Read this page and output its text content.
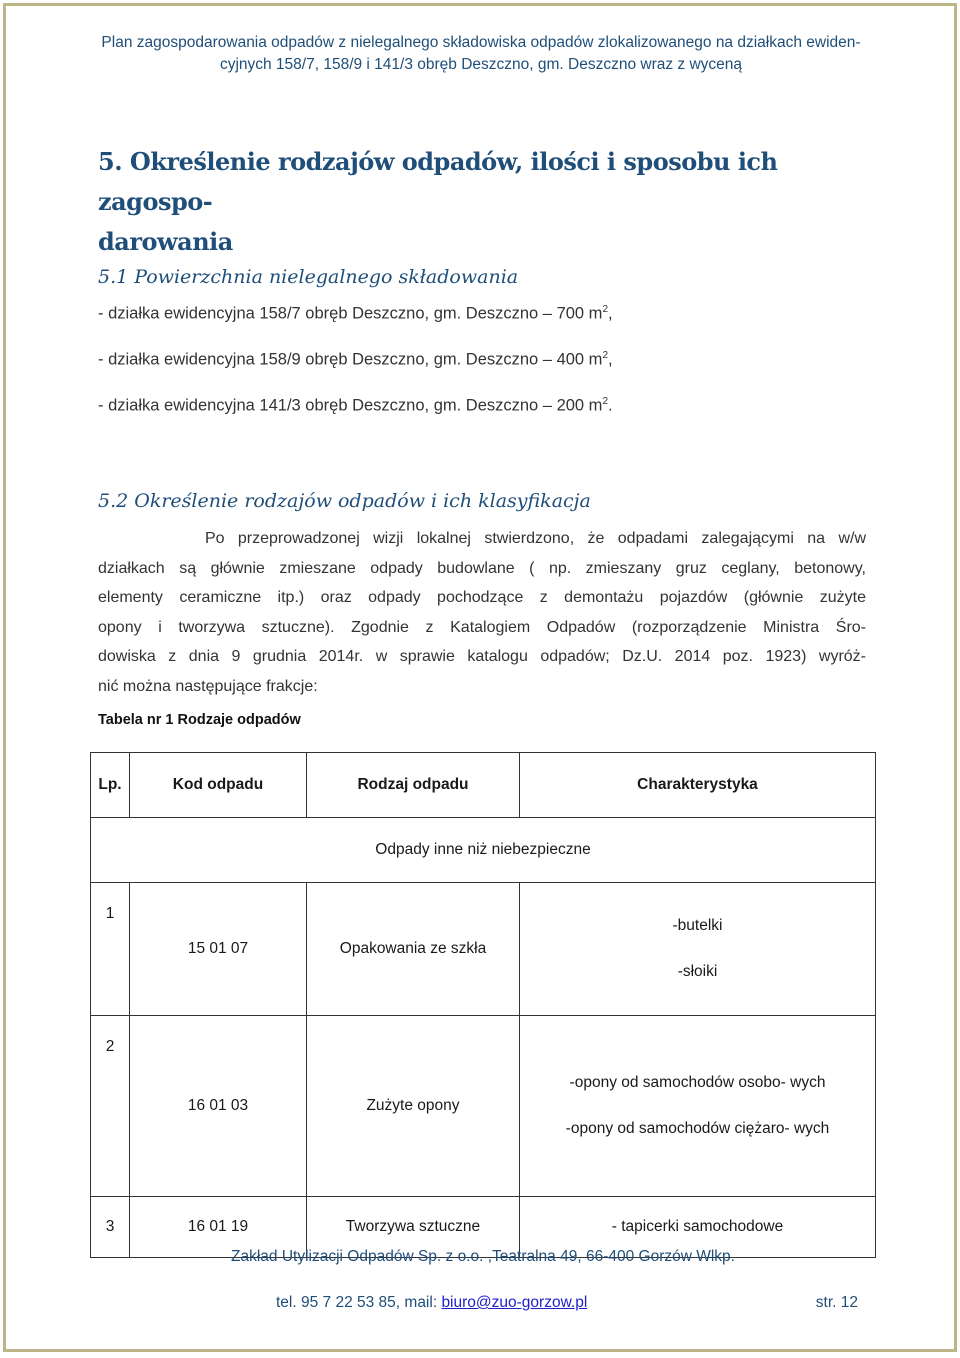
Plan zagospodarowania odpadów z nielegalnego składowiska odpadów zlokalizowanego na działkach ewiden-
cyjnych 158/7, 158/9 i 141/3 obręb Deszczno, gm. Deszczno wraz z wyceną
5. Określenie rodzajów odpadów, ilości i sposobu ich zagospo-
darowania
5.1 Powierzchnia nielegalnego składowania
- działka ewidencyjna 158/7 obręb Deszczno, gm. Deszczno – 700 $m^2$,
- działka ewidencyjna 158/9 obręb Deszczno, gm. Deszczno – 400 $m^2$,
- działka ewidencyjna 141/3 obręb Deszczno, gm. Deszczno – 200 $m^2$.
5.2 Określenie rodzajów odpadów i ich klasyfikacja
Po przeprowadzonej wizji lokalnej stwierdzono, że odpadami zalegającymi na w/w
działkach są głównie zmieszane odpady budowlane ( np. zmieszany gruz ceglany, betonowy,
elementy ceramiczne itp.) oraz odpady pochodzące z demontażu pojazdów (głównie zużyte
opony i tworzywa sztuczne). Zgodnie z Katalogiem Odpadów (rozporządzenie Ministra Śro-
dowiska z dnia 9 grudnia 2014r. w sprawie katalogu odpadów; Dz.U. 2014 poz. 1923) wyróż-
nić można następujące frakcje:
Tabela nr 1 Rodzaje odpadów
Lp.	Kod odpadu	Rodzaj odpadu	Charakterystyka
Odpady inne niż niebezpieczne			
1	15 01 07	Opakowania ze szkła	-butelki
-słoiki

2	16 01 03	Zużyte opony	-opony od samochodów osobo- wych
-opony od samochodów ciężaro- wych

3	16 01 19	Tworzywa sztuczne	- tapicerki samochodowe
Zakład Utylizacji Odpadów Sp. z o.o. ,Teatralna 49, 66-400 Gorzów Wlkp.
tel. 95 7 22 53 85, mail: biuro@zuo-gorzow.pl	str. 12
